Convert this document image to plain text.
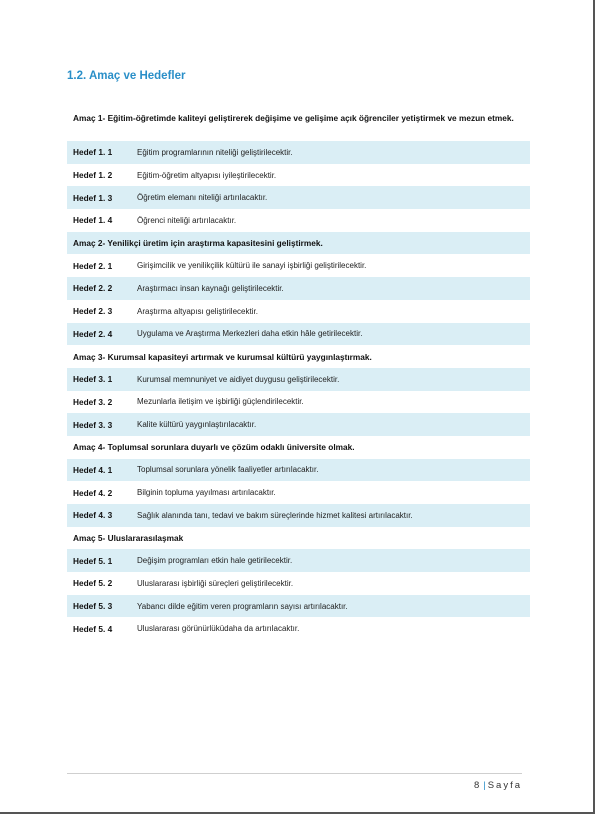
1.2. Amaç ve Hedefler
Amaç 1- Eğitim-öğretimde kaliteyi geliştirerek değişime ve gelişime açık öğrenciler yetiştirmek ve mezun etmek.
Hedef 1. 1	Eğitim programlarının niteliği geliştirilecektir.
Hedef 1. 2	Eğitim-öğretim altyapısı iyileştirilecektir.
Hedef 1. 3	Öğretim elemanı niteliği artırılacaktır.
Hedef 1. 4	Öğrenci niteliği artırılacaktır.
Amaç 2- Yenilikçi üretim için araştırma kapasitesini geliştirmek.
Hedef 2. 1	Girişimcilik ve yenilikçilik kültürü ile sanayi işbirliği geliştirilecektir.
Hedef 2. 2	Araştırmacı insan kaynağı geliştirilecektir.
Hedef 2. 3	Araştırma altyapısı geliştirilecektir.
Hedef 2. 4	Uygulama ve Araştırma Merkezleri daha etkin hâle getirilecektir.
Amaç 3- Kurumsal kapasiteyi artırmak ve kurumsal kültürü yaygınlaştırmak.
Hedef 3. 1	Kurumsal memnuniyet ve aidiyet duygusu geliştirilecektir.
Hedef 3. 2	Mezunlarla iletişim ve işbirliği güçlendirilecektir.
Hedef 3. 3	Kalite kültürü yaygınlaştırılacaktır.
Amaç 4- Toplumsal sorunlara duyarlı ve çözüm odaklı üniversite olmak.
Hedef 4. 1	Toplumsal sorunlara yönelik faaliyetler artırılacaktır.
Hedef 4. 2	Bilginin topluma yayılması artırılacaktır.
Hedef 4. 3	Sağlık alanında tanı, tedavi ve bakım süreçlerinde hizmet kalitesi artırılacaktır.
Amaç 5- Uluslararasılaşmak
Hedef 5. 1	Değişim programları etkin hale getirilecektir.
Hedef 5. 2	Uluslararası işbirliği süreçleri geliştirilecektir.
Hedef 5. 3	Yabancı dilde eğitim veren programların sayısı artırılacaktır.
Hedef 5. 4	Uluslararası görünürlüküdaha da artırılacaktır.
8 | Sayfa
